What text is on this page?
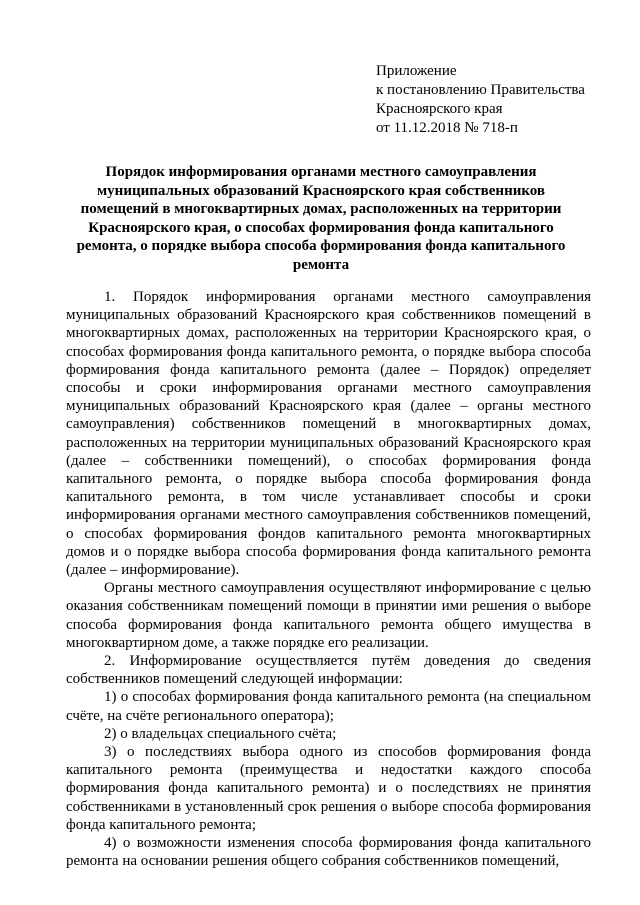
Приложение
к постановлению Правительства
Красноярского края
от 11.12.2018 № 718-п
Порядок информирования органами местного самоуправления муниципальных образований Красноярского края собственников помещений в многоквартирных домах, расположенных на территории Красноярского края, о способах формирования фонда капитального ремонта, о порядке выбора способа формирования фонда капитального ремонта

1. Порядок информирования органами местного самоуправления муниципальных образований Красноярского края собственников помещений в многоквартирных домах, расположенных на территории Красноярского края, о способах формирования фонда капитального ремонта, о порядке выбора способа формирования фонда капитального ремонта (далее – Порядок) определяет способы и сроки информирования органами местного самоуправления муниципальных образований Красноярского края (далее – органы местного самоуправления) собственников помещений в многоквартирных домах, расположенных на территории муниципальных образований Красноярского края (далее – собственники помещений), о способах формирования фонда капитального ремонта, о порядке выбора способа формирования фонда капитального ремонта, в том числе устанавливает способы и сроки информирования органами местного самоуправления собственников помещений, о способах формирования фондов капитального ремонта многоквартирных домов и о порядке выбора способа формирования фонда капитального ремонта (далее – информирование).

Органы местного самоуправления осуществляют информирование с целью оказания собственникам помещений помощи в принятии ими решения о выборе способа формирования фонда капитального ремонта общего имущества в многоквартирном доме, а также порядке его реализации.

2. Информирование осуществляется путём доведения до сведения собственников помещений следующей информации:

1) о способах формирования фонда капитального ремонта (на специальном счёте, на счёте регионального оператора);

2) о владельцах специального счёта;

3) о последствиях выбора одного из способов формирования фонда капитального ремонта (преимущества и недостатки каждого способа формирования фонда капитального ремонта) и о последствиях не принятия собственниками в установленный срок решения о выборе способа формирования фонда капитального ремонта;

4) о возможности изменения способа формирования фонда капитального ремонта на основании решения общего собрания собственников помещений,
